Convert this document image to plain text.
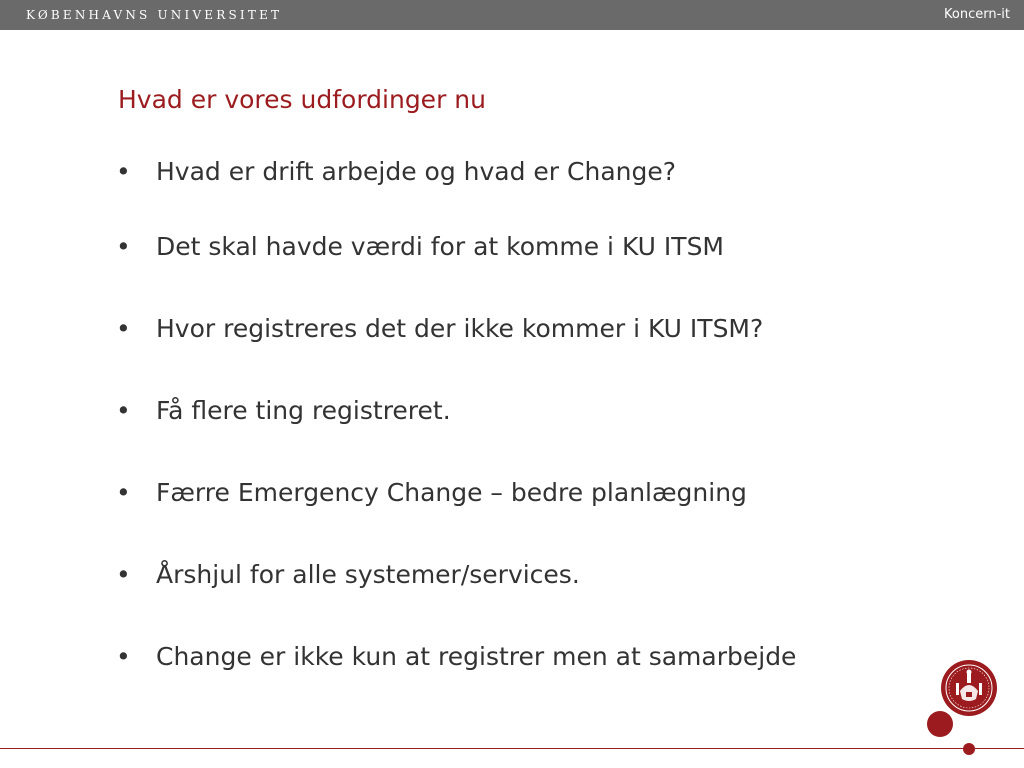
KØBENHAVNS UNIVERSITET	Koncern-it
Hvad er vores udfordinger nu
• Hvad er drift arbejde og hvad er Change?
• Det skal havde værdi for at komme i KU ITSM
• Hvor registreres det der ikke kommer i KU ITSM?
• Få flere ting registreret.
• Færre Emergency Change – bedre planlægning
• Årshjul for alle systemer/services.
• Change er ikke kun at registrer men at samarbejde
